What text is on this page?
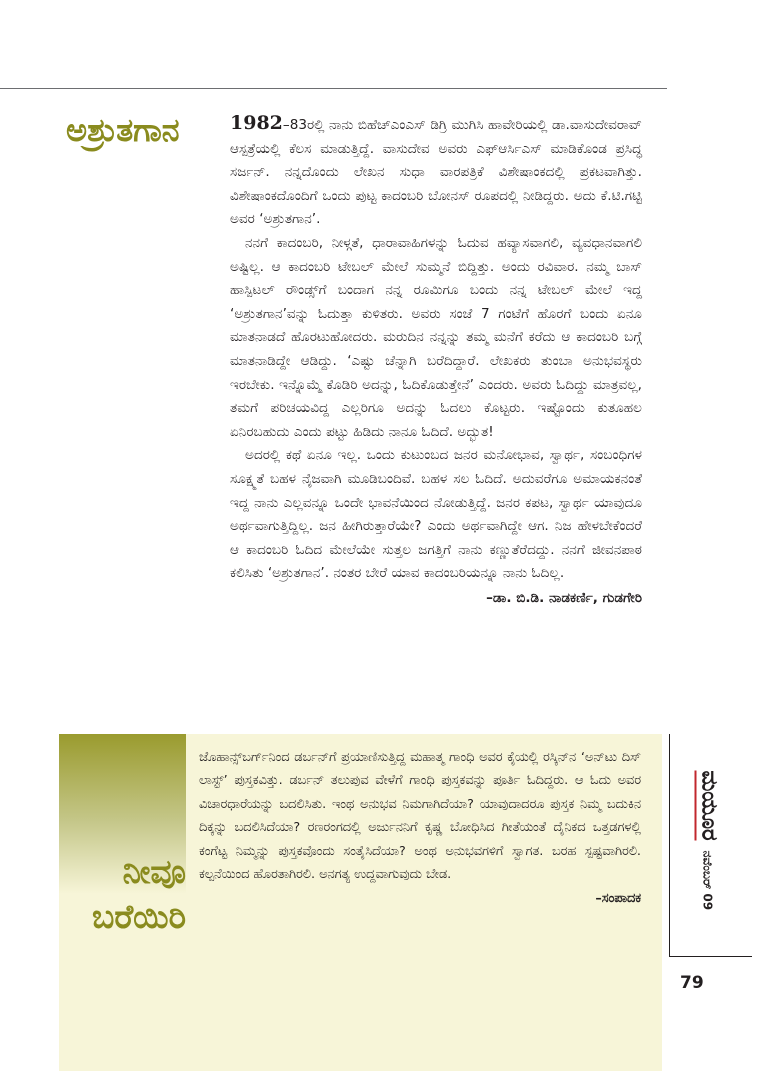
ಅಶ್ರುತಗಾನ	1982–83ರಲ್ಲಿ ನಾನು ಬಿಹೆಚ್ಎಂಎಸ್ ಡಿಗ್ರಿ ಮುಗಿಸಿ ಹಾವೇರಿಯಲ್ಲಿ ಡಾ.ವಾಸುದೇವರಾವ್ ಆಸ್ಪತ್ರೆಯಲ್ಲಿ ಕೆಲಸ ಮಾಡುತ್ತಿದ್ದೆ. ವಾಸುದೇವ ಅವರು ಎಫ್ಆರ್ಸಿಎಸ್ ಮಾಡಿಕೊಂಡ ಪ್ರಸಿದ್ಧ ಸರ್ಜನ್. ನನ್ನದೊಂದು ಲೇಖನ ಸುಧಾ ವಾರಪತ್ರಿಕೆ ವಿಶೇಷಾಂಕದಲ್ಲಿ ಪ್ರಕಟವಾಗಿತ್ತು. ವಿಶೇಷಾಂಕದೊಂದಿಗೆ ಒಂದು ಪುಟ್ಟ ಕಾದಂಬರಿ ಬೋನಸ್ ರೂಪದಲ್ಲಿ ನೀಡಿದ್ದರು. ಅದು ಕೆ.ಟಿ.ಗಟ್ಟಿ ಅವರ ‘ಅಶ್ರುತಗಾನ’.

ನನಗೆ ಕಾದಂಬರಿ, ನೀಳ್ಗತೆ, ಧಾರಾವಾಹಿಗಳನ್ನು ಓದುವ ಹವ್ಯಾಸವಾಗಲಿ, ವ್ಯವಧಾನವಾಗಲಿ ಅಷ್ಟಿಲ್ಲ. ಆ ಕಾದಂಬರಿ ಟೇಬಲ್ ಮೇಲೆ ಸುಮ್ಮನೆ ಬಿದ್ದಿತ್ತು. ಅಂದು ರವಿವಾರ. ನಮ್ಮ ಬಾಸ್ ಹಾಸ್ಪಿಟಲ್ ರೌಂಡ್ಸ್‌ಗೆ ಬಂದಾಗ ನನ್ನ ರೂಮಿಗೂ ಬಂದು ನನ್ನ ಟೇಬಲ್ ಮೇಲೆ ಇದ್ದ ‘ಅಶ್ರುತಗಾನ’ವನ್ನು ಓದುತ್ತಾ ಕುಳಿತರು. ಅವರು ಸಂಜೆ 7 ಗಂಟೆಗೆ ಹೊರಗೆ ಬಂದು ಏನೂ ಮಾತನಾಡದೆ ಹೊರಟುಹೋದರು. ಮರುದಿನ ನನ್ನನ್ನು ತಮ್ಮ ಮನೆಗೆ ಕರೆದು ಆ ಕಾದಂಬರಿ ಬಗ್ಗೆ ಮಾತನಾಡಿದ್ದೇ ಆಡಿದ್ದು. ‘ಎಷ್ಟು ಚೆನ್ನಾಗಿ ಬರೆದಿದ್ದಾರೆ. ಲೇಖಕರು ತುಂಬಾ ಅನುಭವಸ್ಥರು ಇರಬೇಕು. ಇನ್ನೊಮ್ಮೆ ಕೊಡಿರಿ ಅದನ್ನು, ಓದಿಕೊಡುತ್ತೇನೆ’ ಎಂದರು. ಅವರು ಓದಿದ್ದು ಮಾತ್ರವಲ್ಲ, ತಮಗೆ ಪರಿಚಯವಿದ್ದ ಎಲ್ಲರಿಗೂ ಅದನ್ನು ಓದಲು ಕೊಟ್ಟರು. ಇಷ್ಟೊಂದು ಕುತೂಹಲ ಏನಿರಬಹುದು ಎಂದು ಪಟ್ಟು ಹಿಡಿದು ನಾನೂ ಓದಿದೆ. ಅದ್ಭುತ!

ಅದರಲ್ಲಿ ಕಥೆ ಏನೂ ಇಲ್ಲ. ಒಂದು ಕುಟುಂಬದ ಜನರ ಮನೋಭಾವ, ಸ್ವಾರ್ಥ, ಸಂಬಂಧಿಗಳ ಸೂಕ್ಷ್ಮತೆ ಬಹಳ ನೈಜವಾಗಿ ಮೂಡಿಬಂದಿವೆ. ಬಹಳ ಸಲ ಓದಿದೆ. ಅದುವರೆಗೂ ಅಮಾಯಕನಂತೆ ಇದ್ದ ನಾನು ಎಲ್ಲವನ್ನೂ ಒಂದೇ ಭಾವನೆಯಿಂದ ನೋಡುತ್ತಿದ್ದೆ. ಜನರ ಕಪಟ, ಸ್ವಾರ್ಥ ಯಾವುದೂ ಅರ್ಥವಾಗುತ್ತಿದ್ದಿಲ್ಲ. ಜನ ಹೀಗಿರುತ್ತಾರೆಯೇ? ಎಂದು ಅರ್ಥವಾಗಿದ್ದೇ ಆಗ. ನಿಜ ಹೇಳಬೇಕೆಂದರೆ ಆ ಕಾದಂಬರಿ ಓದಿದ ಮೇಲೆಯೇ ಸುತ್ತಲ ಜಗತ್ತಿಗೆ ನಾನು ಕಣ್ಣುತೆರೆದದ್ದು. ನನಗೆ ಜೀವನಪಾಠ ಕಲಿಸಿತು ‘ಅಶ್ರುತಗಾನ’. ನಂತರ ಬೇರೆ ಯಾವ ಕಾದಂಬರಿಯನ್ನೂ ನಾನು ಓದಿಲ್ಲ.

–ಡಾ. ಬಿ.ಡಿ. ನಾಡಕರ್ಣಿ, ಗುಡಗೇರಿ
ನೀವೂ
ಬರೆಯಿರಿ

ಜೊಹಾನ್ಸ್‌ಬರ್ಗ್‌ನಿಂದ ಡರ್ಬನ್‌ಗೆ ಪ್ರಯಾಣಿಸುತ್ತಿದ್ದ ಮಹಾತ್ಮ ಗಾಂಧಿ ಅವರ ಕೈಯಲ್ಲಿ ರಸ್ಕಿನ್‌ನ ‘ಅನ್‌ಟು ದಿಸ್ ಲಾಸ್ಟ್’ ಪುಸ್ತಕವಿತ್ತು. ಡರ್ಬನ್ ತಲುಪುವ ವೇಳೆಗೆ ಗಾಂಧಿ ಪುಸ್ತಕವನ್ನು ಪೂರ್ತಿ ಓದಿದ್ದರು. ಆ ಓದು ಅವರ ವಿಚಾರಧಾರೆಯನ್ನು ಬದಲಿಸಿತು. ಇಂಥ ಅನುಭವ ನಿಮಗಾಗಿದೆಯಾ? ಯಾವುದಾದರೂ ಪುಸ್ತಕ ನಿಮ್ಮ ಬದುಕಿನ ದಿಕ್ಕನ್ನು ಬದಲಿಸಿದೆಯಾ? ರಣರಂಗದಲ್ಲಿ ಅರ್ಜುನನಿಗೆ ಕೃಷ್ಣ ಬೋಧಿಸಿದ ಗೀತೆಯಂತೆ ದೈನಿಕದ ಒತ್ತಡಗಳಲ್ಲಿ ಕಂಗೆಟ್ಟ ನಿಮ್ಮನ್ನು ಪುಸ್ತಕವೊಂದು ಸಂತೈಸಿದೆಯಾ? ಅಂಥ ಅನುಭವಗಳಿಗೆ ಸ್ವಾಗತ. ಬರಹ ಸ್ಪಷ್ಟವಾಗಿರಲಿ. ಕಲ್ಪನೆಯಿಂದ ಹೊರತಾಗಿರಲಿ. ಅನಗತ್ಯ ಉದ್ದವಾಗುವುದು ಬೇಡ.

–ಸಂಪಾದಕ
ಮಯೂರ
ನವೆಂಬರ್ 09
79
